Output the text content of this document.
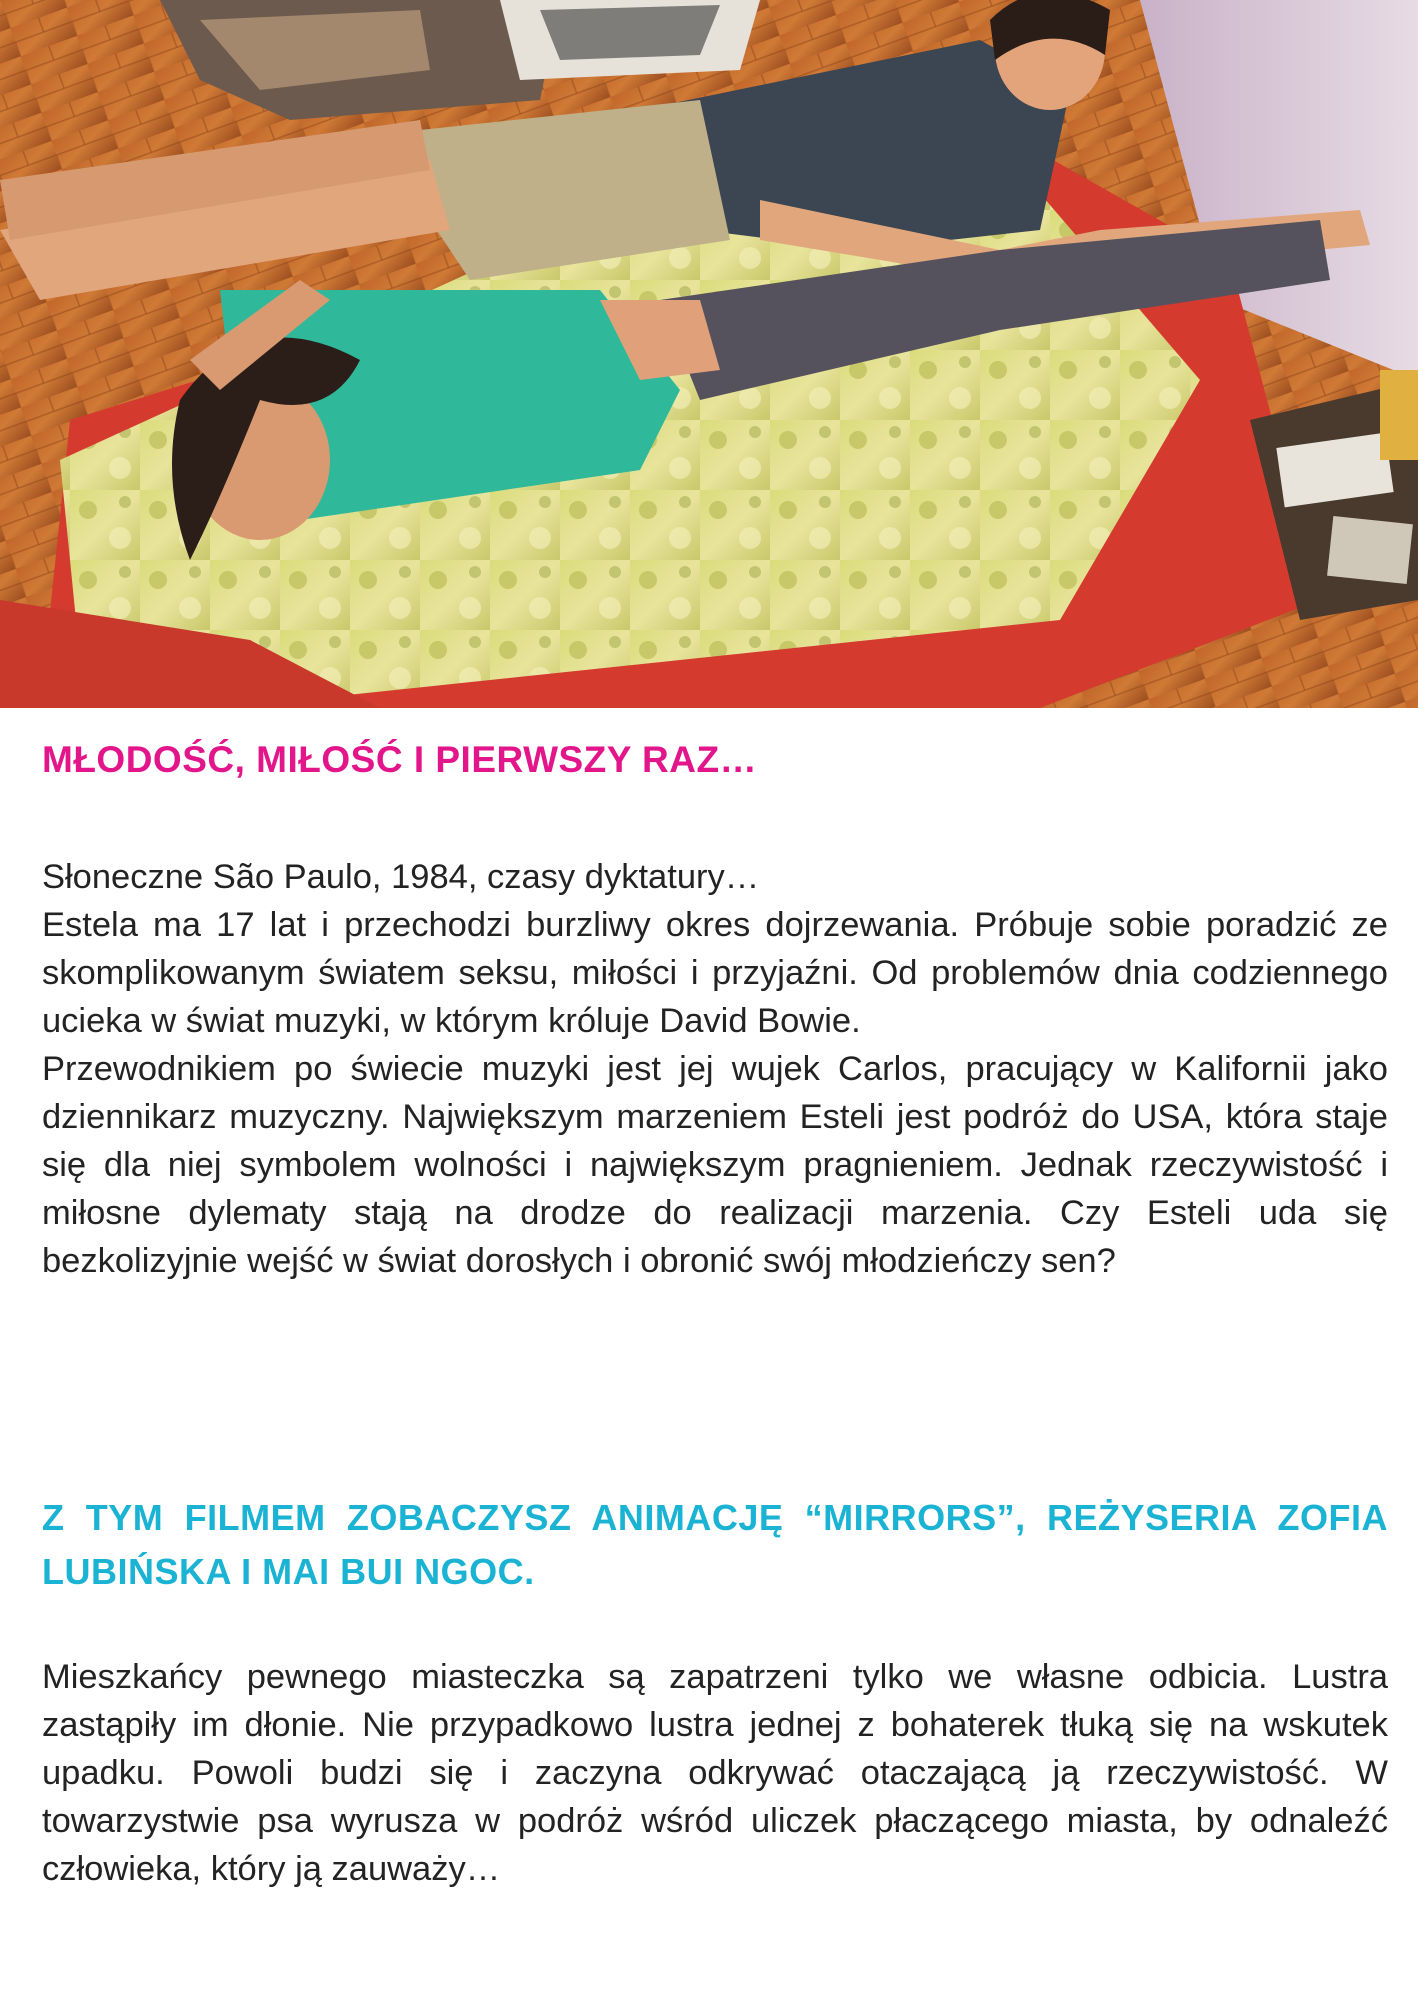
MŁODOŚĆ, MIŁOŚĆ I PIERWSZY RAZ…
Słoneczne São Paulo, 1984, czasy dyktatury…
Estela ma 17 lat i przechodzi burzliwy okres dojrzewania. Próbuje sobie poradzić ze skomplikowanym światem seksu, miłości i przyjaźni. Od problemów dnia codziennego ucieka w świat muzyki, w którym króluje David Bowie.
Przewodnikiem po świecie muzyki jest jej wujek Carlos, pracujący w Kalifornii jako dziennikarz muzyczny. Największym marzeniem Esteli jest podróż do USA, która staje się dla niej symbolem wolności i największym pragnieniem. Jednak rzeczywistość i miłosne dylematy stają na drodze do realizacji marzenia. Czy Esteli uda się bezkolizyjnie wejść w świat dorosłych i obronić swój młodzieńczy sen?
Z TYM FILMEM ZOBACZYSZ ANIMACJĘ “MIRRORS”, REŻYSERIA ZOFIA LUBIŃSKA I MAI BUI NGOC.

Mieszkańcy pewnego miasteczka są zapatrzeni tylko we własne odbicia. Lustra zastąpiły im dłonie. Nie przypadkowo lustra jednej z bohaterek tłuką się na wskutek upadku. Powoli budzi się i zaczyna odkrywać otaczającą ją rzeczywistość. W towarzystwie psa wyrusza w podróż wśród uliczek płaczącego miasta, by odnaleźć człowieka, który ją zauważy…
